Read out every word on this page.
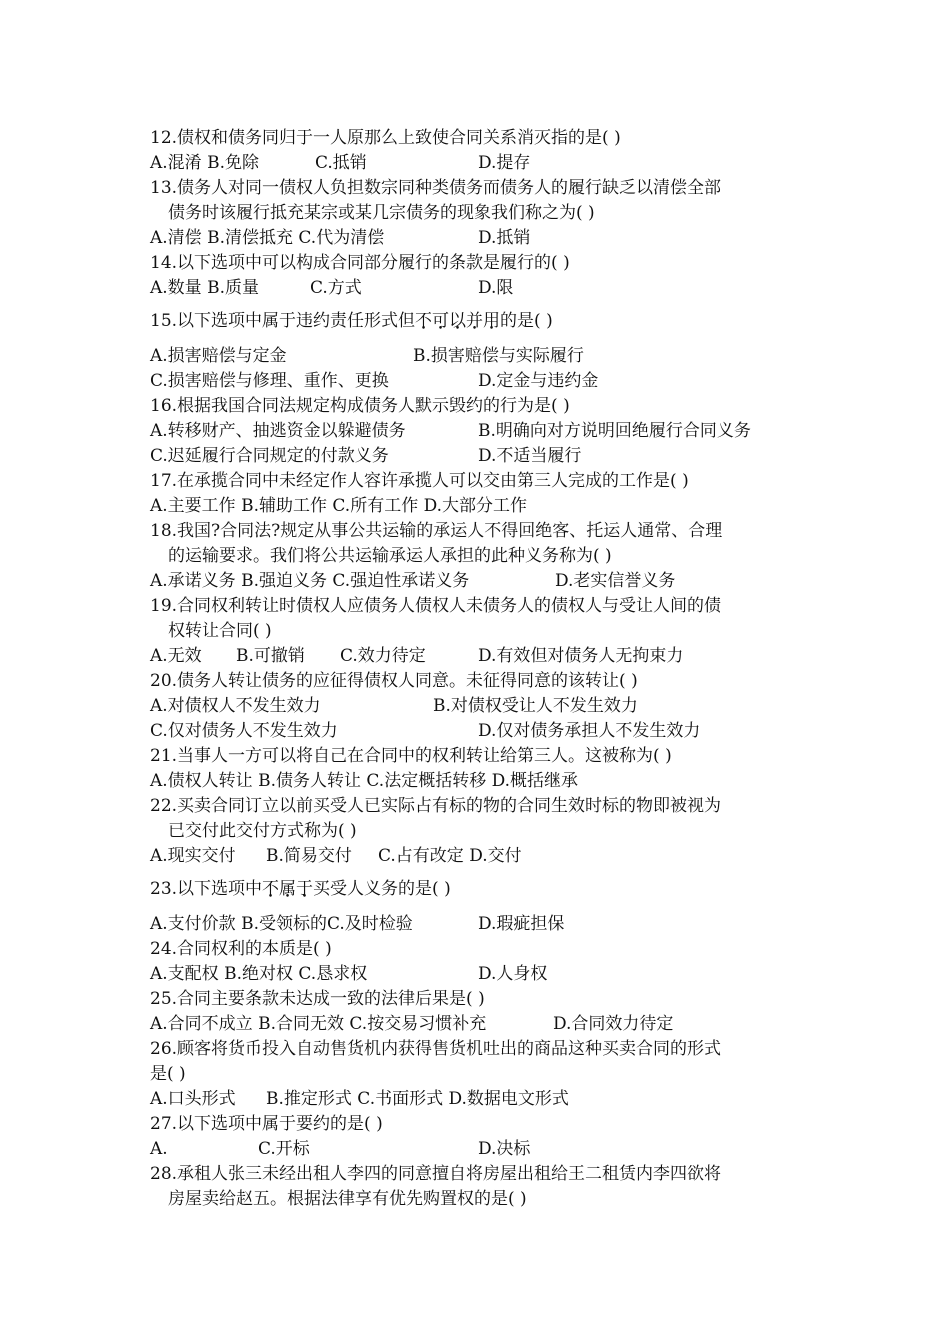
12.债权和债务同归于一人原那么上致使合同关系消灭指的是( )
A.混淆 B.免除	C.抵销	D.提存
13.债务人对同一债权人负担数宗同种类债务而债务人的履行缺乏以清偿全部
债务时该履行抵充某宗或某几宗债务的现象我们称之为( )
A.清偿 B.清偿抵充 C.代为清偿	D.抵销
14.以下选项中可以构成合同部分履行的条款是履行的( )
A.数量 B.质量	C.方式	D.限
15.以下选项中属于违约责任形式但不可以并用的是( )
A.损害赔偿与定金	B.损害赔偿与实际履行
C.损害赔偿与修理、重作、更换	D.定金与违约金
16.根据我国合同法规定构成债务人默示毁约的行为是( )
A.转移财产、抽逃资金以躲避债务	B.明确向对方说明回绝履行合同义务
C.迟延履行合同规定的付款义务	D.不适当履行
17.在承揽合同中未经定作人容许承揽人可以交由第三人完成的工作是( )
A.主要工作 B.辅助工作 C.所有工作 D.大部分工作
18.我国?合同法?规定从事公共运输的承运人不得回绝客、托运人通常、合理
的运输要求。我们将公共运输承运人承担的此种义务称为( )
A.承诺义务 B.强迫义务 C.强迫性承诺义务	D.老实信誉义务
19.合同权利转让时债权人应债务人债权人未债务人的债权人与受让人间的债
权转让合同( )
A.无效 B.可撤销 C.效力待定	D.有效但对债务人无拘束力
20.债务人转让债务的应征得债权人同意。未征得同意的该转让( )
A.对债权人不发生效力	B.对债权受让人不发生效力
C.仅对债务人不发生效力	D.仅对债务承担人不发生效力
21.当事人一方可以将自己在合同中的权利转让给第三人。这被称为( )
A.债权人转让 B.债务人转让 C.法定概括转移 D.概括继承
22.买卖合同订立以前买受人已实际占有标的物的合同生效时标的物即被视为
已交付此交付方式称为( )
A.现实交付 B.简易交付 C.占有改定 D.交付
23.以下选项中不属于买受人义务的是( )
A.支付价款 B.受领标的C.及时检验	D.瑕疵担保
24.合同权利的本质是( )
A.支配权 B.绝对权 C.恳求权	D.人身权
25.合同主要条款未达成一致的法律后果是( )
A.合同不成立 B.合同无效 C.按交易习惯补充	D.合同效力待定
26.顾客将货币投入自动售货机内获得售货机吐出的商品这种买卖合同的形式
是( )
A.口头形式 B.推定形式 C.书面形式 D.数据电文形式
27.以下选项中属于要约的是( )
A.	C.开标	D.决标
28.承租人张三未经出租人李四的同意擅自将房屋出租给王二租赁内李四欲将
房屋卖给赵五。根据法律享有优先购置权的是( )
